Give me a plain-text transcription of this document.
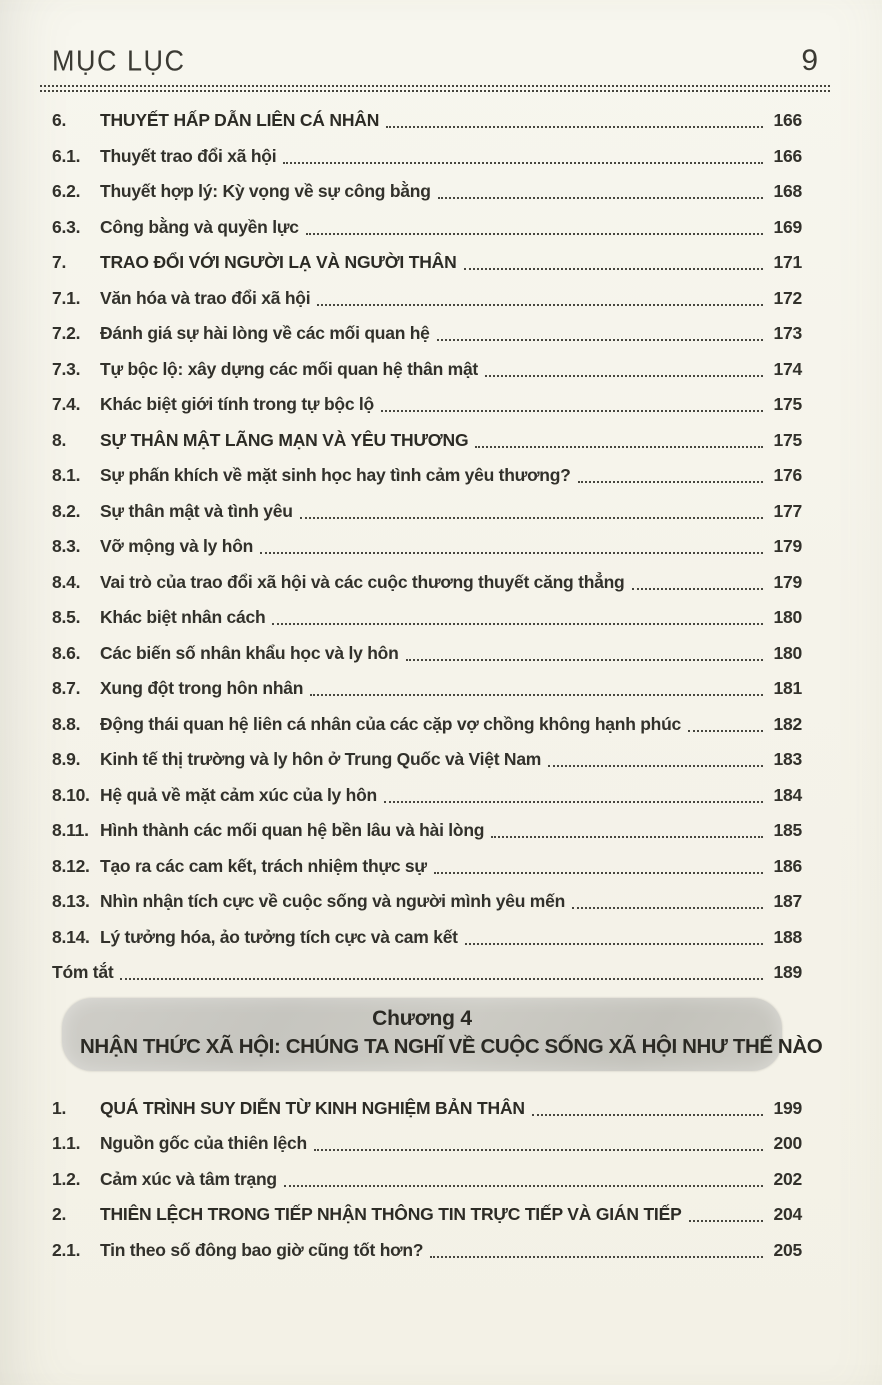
MỤC LỤC	9
6.	THUYẾT HẤP DẪN LIÊN CÁ NHÂN	166
6.1.	Thuyết trao đổi xã hội	166
6.2.	Thuyết hợp lý: Kỳ vọng về sự công bằng	168
6.3.	Công bằng và quyền lực	169
7.	TRAO ĐỔI VỚI NGƯỜI LẠ VÀ NGƯỜI THÂN	171
7.1.	Văn hóa và trao đổi xã hội	172
7.2.	Đánh giá sự hài lòng về các mối quan hệ	173
7.3.	Tự bộc lộ: xây dựng các mối quan hệ thân mật	174
7.4.	Khác biệt giới tính trong tự bộc lộ	175
8.	SỰ THÂN MẬT LÃNG MẠN VÀ YÊU THƯƠNG	175
8.1.	Sự phấn khích về mặt sinh học hay tình cảm yêu thương?	176
8.2.	Sự thân mật và tình yêu	177
8.3.	Vỡ mộng và ly hôn	179
8.4.	Vai trò của trao đổi xã hội và các cuộc thương thuyết căng thẳng	179
8.5.	Khác biệt nhân cách	180
8.6.	Các biến số nhân khẩu học và ly hôn	180
8.7.	Xung đột trong hôn nhân	181
8.8.	Động thái quan hệ liên cá nhân của các cặp vợ chồng không hạnh phúc	182
8.9.	Kinh tế thị trường và ly hôn ở Trung Quốc và Việt Nam	183
8.10. Hệ quả về mặt cảm xúc của ly hôn	184
8.11. Hình thành các mối quan hệ bền lâu và hài lòng	185
8.12. Tạo ra các cam kết, trách nhiệm thực sự	186
8.13. Nhìn nhận tích cực về cuộc sống và người mình yêu mến	187
8.14. Lý tưởng hóa, ảo tưởng tích cực và cam kết	188
Tóm tắt	189
Chương 4
NHẬN THỨC XÃ HỘI: CHÚNG TA NGHĨ VỀ CUỘC SỐNG XÃ HỘI NHƯ THẾ NÀO
1.	QUÁ TRÌNH SUY DIỄN TỪ KINH NGHIỆM BẢN THÂN	199
1.1.	Nguồn gốc của thiên lệch	200
1.2.	Cảm xúc và tâm trạng	202
2.	THIÊN LỆCH TRONG TIẾP NHẬN THÔNG TIN TRỰC TIẾP VÀ GIÁN TIẾP	204
2.1.	Tin theo số đông bao giờ cũng tốt hơn?	205
